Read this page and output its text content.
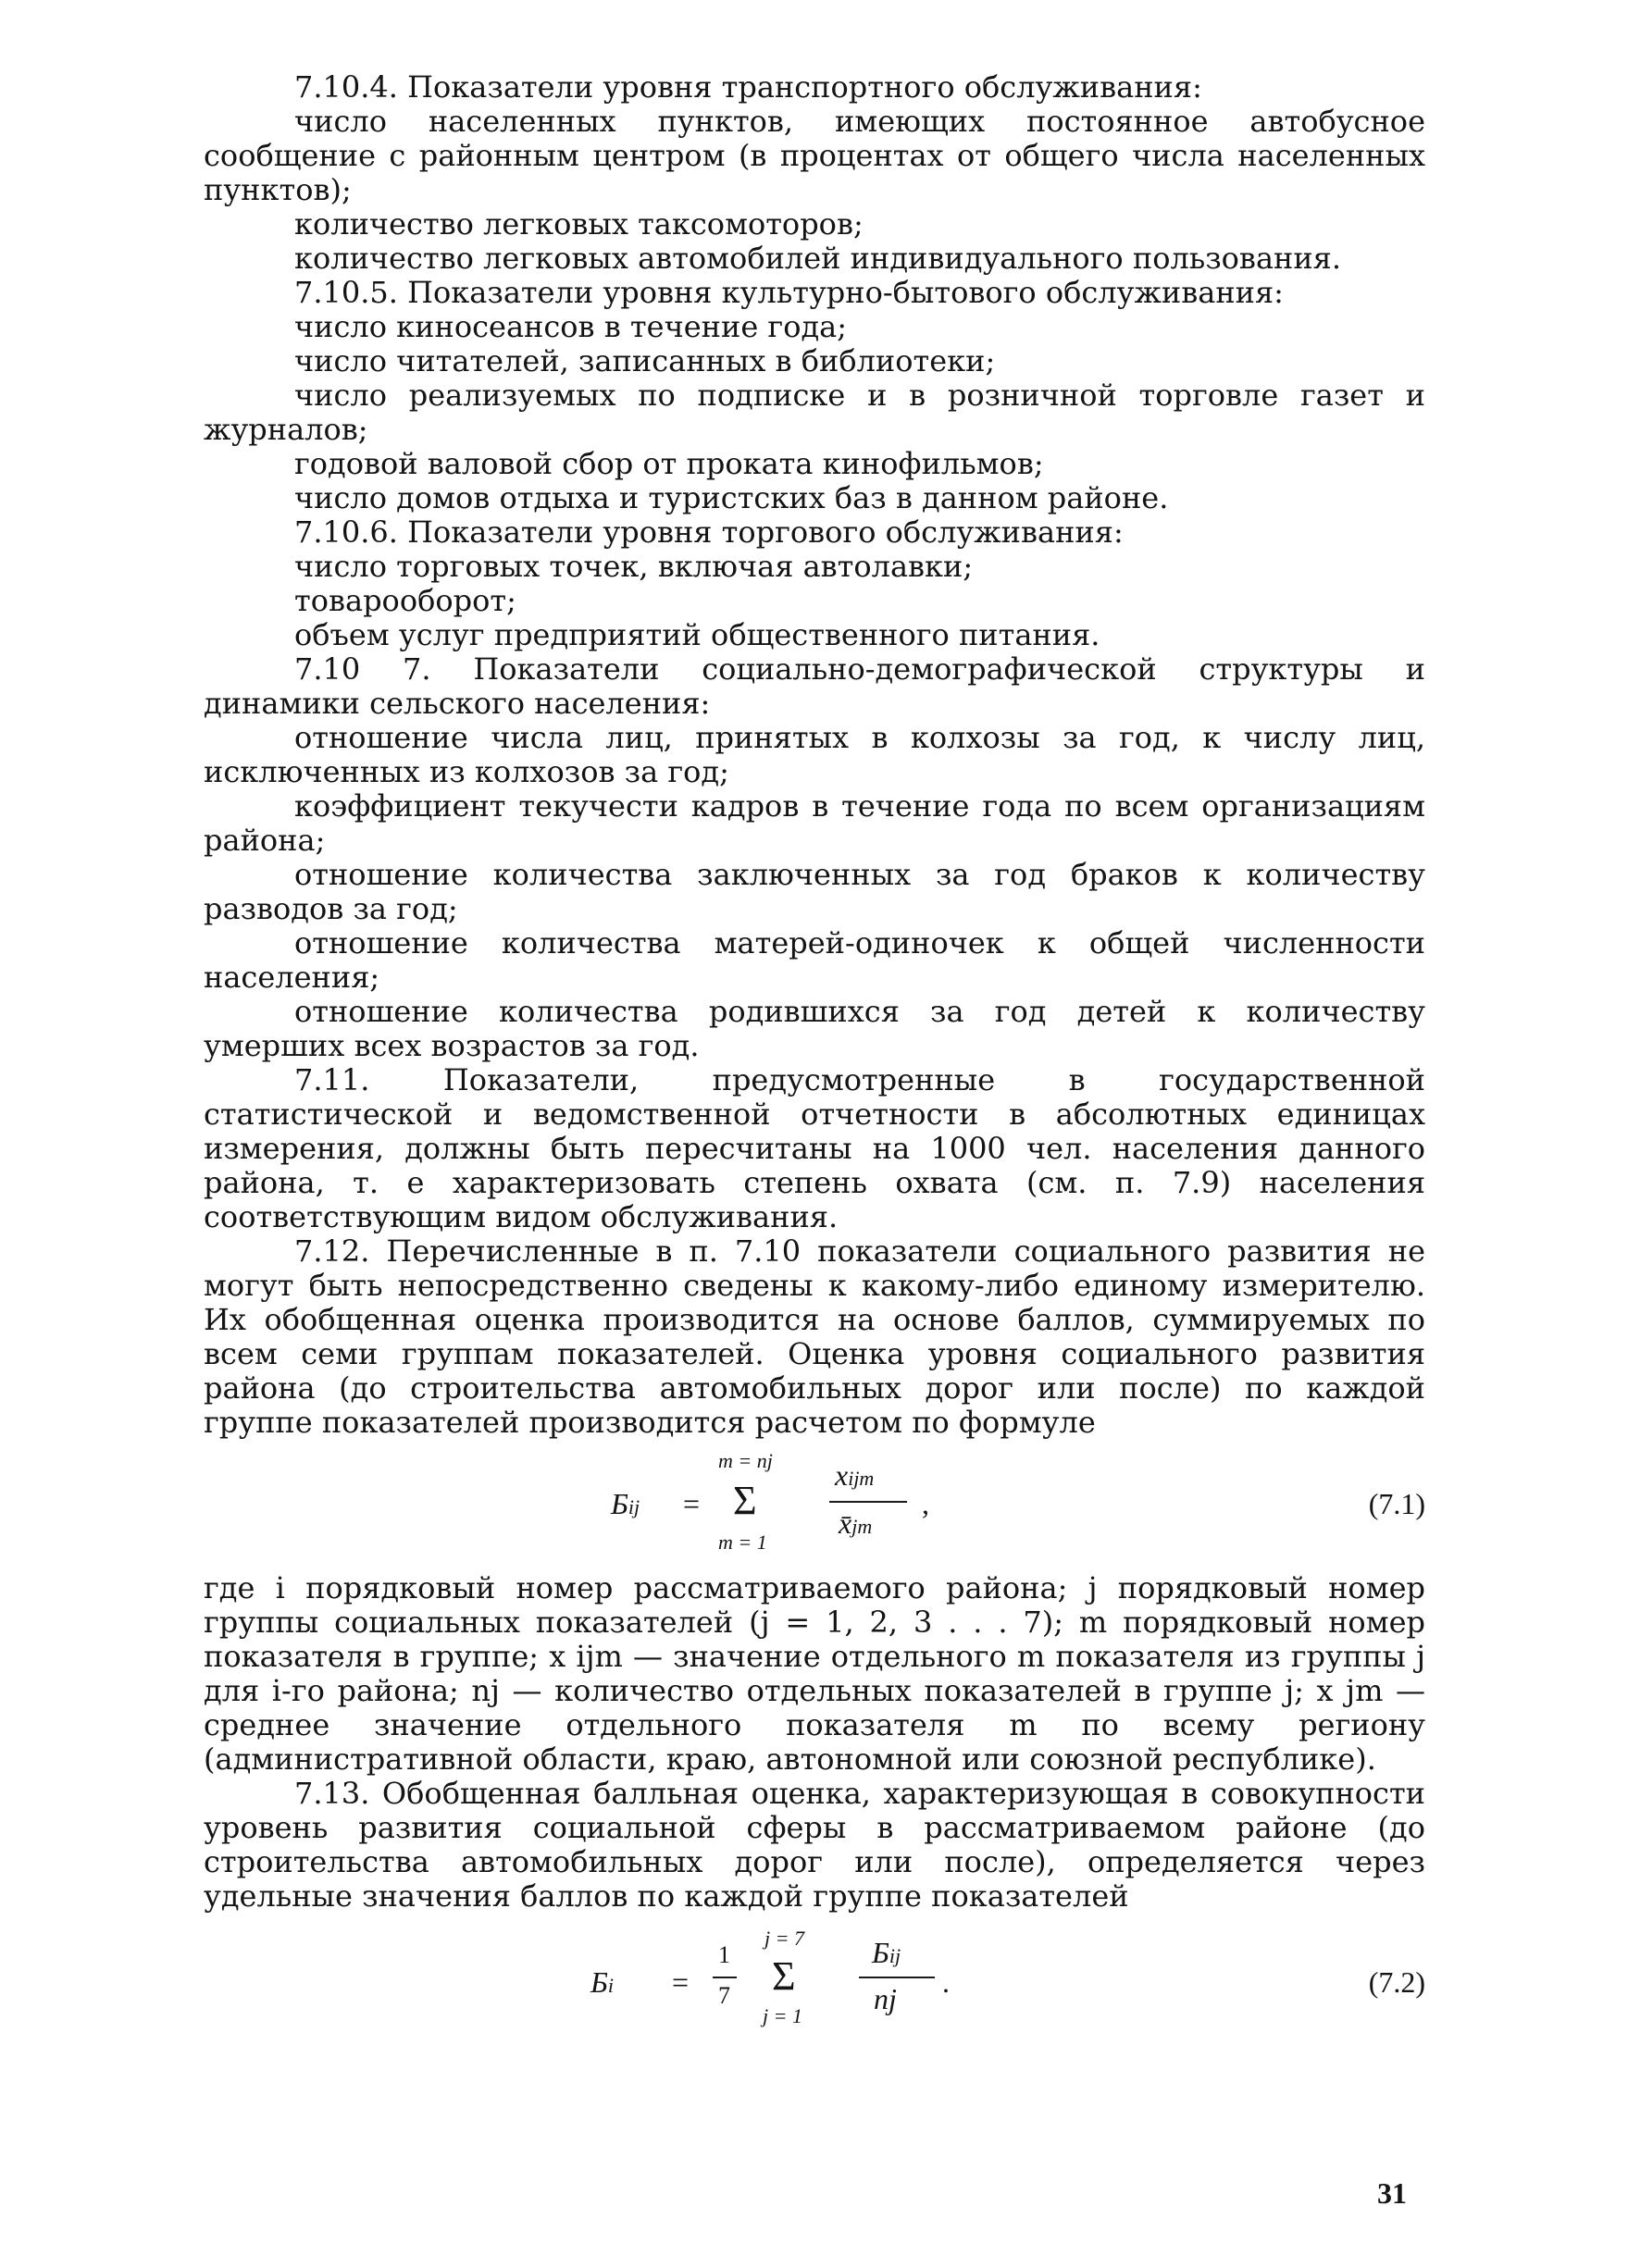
7.10.4. Показатели уровня транспортного обслуживания:

число населенных пунктов, имеющих постоянное автобусное сообщение с районным центром (в процентах от общего числа населенных пунктов);

количество легковых таксомоторов;

количество легковых автомобилей индивидуального пользования.

7.10.5. Показатели уровня культурно-бытового обслуживания:

число киносеансов в течение года;

число читателей, записанных в библиотеки;

число реализуемых по подписке и в розничной торговле газет и журналов;

годовой валовой сбор от проката кинофильмов;

число домов отдыха и туристских баз в данном районе.

7.10.6. Показатели уровня торгового обслуживания:

число торговых точек, включая автолавки;

товарооборот;

объем услуг предприятий общественного питания.

7.10 7. Показатели социально-демографической структуры и динамики сельского населения:

отношение числа лиц, принятых в колхозы за год, к числу лиц, исключенных из колхозов за год;

коэффициент текучести кадров в течение года по всем организациям района;

отношение количества заключенных за год браков к количеству разводов за год;

отношение количества матерей-одиночек к общей численности населения;

отношение количества родившихся за год детей к количеству умерших всех возрастов за год.

7.11. Показатели, предусмотренные в государственной статистической и ведомственной отчетности в абсолютных единицах измерения, должны быть пересчитаны на 1000 чел. населения данного района, т. е характеризовать степень охвата (см. п. 7.9) населения соответствующим видом обслуживания.

7.12. Перечисленные в п. 7.10 показатели социального развития не могут быть непосредственно сведены к какому-либо единому измерителю. Их обобщенная оценка производится на основе баллов, суммируемых по всем семи группам показателей. Оценка уровня социального развития района (до строительства автомобильных дорог или после) по каждой группе показателей производится расчетом по формуле

Бij =
m = nj
Σ
m = 1
xijm
x̄jm
,	(7.1)

где i порядковый номер рассматриваемого района; j порядковый номер группы социальных показателей (j = 1, 2, 3 . . . 7); m порядковый номер показателя в группе; x ijm — значение отдельного m показателя из группы j для i-го района; nj — количество отдельных показателей в группе j; x jm — среднее значение отдельного показателя m по всему региону (административной области, краю, автономной или союзной республике).

7.13. Обобщенная балльная оценка, характеризующая в совокупности уровень развития социальной сферы в рассматриваемом районе (до строительства автомобильных дорог или после), определяется через удельные значения баллов по каждой группе показателей

Бi =
1
7
j = 7
Σ
j = 1
Бij
nj .	(7.2)
31
